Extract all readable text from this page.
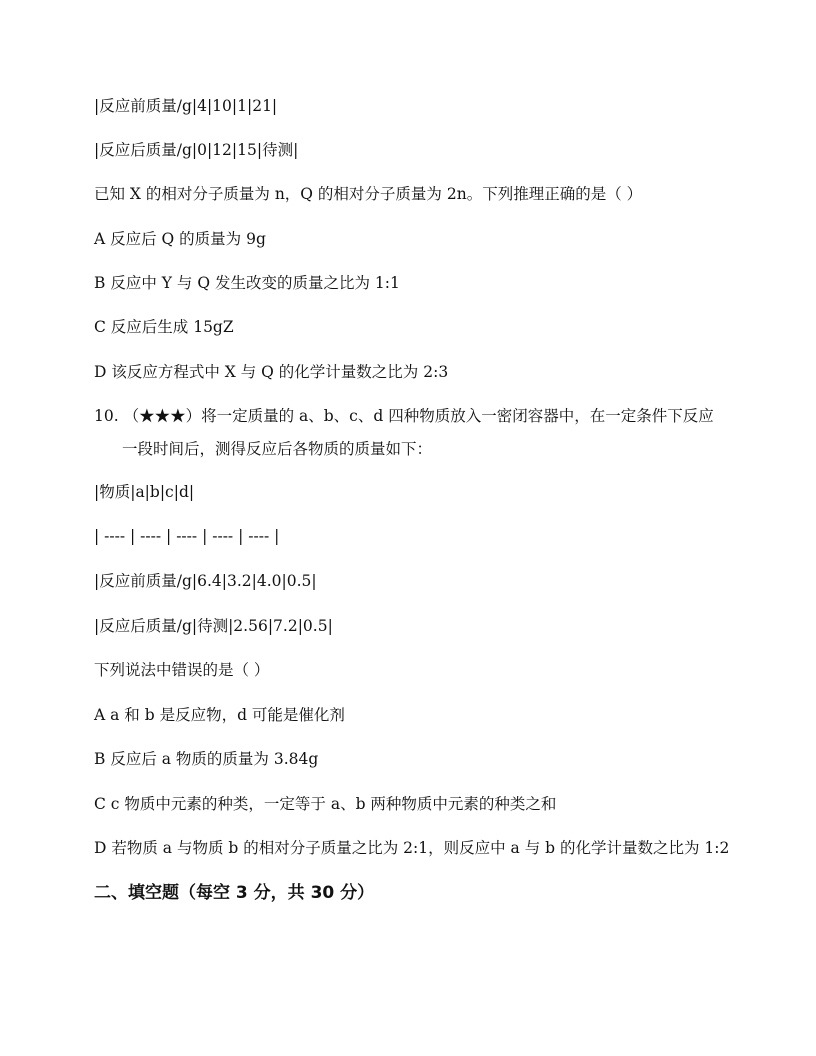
|反应前质量/g|4|10|1|21|
|反应后质量/g|0|12|15|待测|
已知 X 的相对分子质量为 n，Q 的相对分子质量为 2n。下列推理正确的是（ ）
A 反应后 Q 的质量为 9g
B 反应中 Y 与 Q 发生改变的质量之比为 1:1
C 反应后生成 15gZ
D 该反应方程式中 X 与 Q 的化学计量数之比为 2:3
10. （★★★）将一定质量的 a、b、c、d 四种物质放入一密闭容器中，在一定条件下反应
一段时间后，测得反应后各物质的质量如下：
|物质|a|b|c|d|
| ---- | ---- | ---- | ---- | ---- |
|反应前质量/g|6.4|3.2|4.0|0.5|
|反应后质量/g|待测|2.56|7.2|0.5|
下列说法中错误的是（ ）
A a 和 b 是反应物，d 可能是催化剂
B 反应后 a 物质的质量为 3.84g
C c 物质中元素的种类，一定等于 a、b 两种物质中元素的种类之和
D 若物质 a 与物质 b 的相对分子质量之比为 2:1，则反应中 a 与 b 的化学计量数之比为 1:2
二、填空题（每空 3 分，共 30 分）
